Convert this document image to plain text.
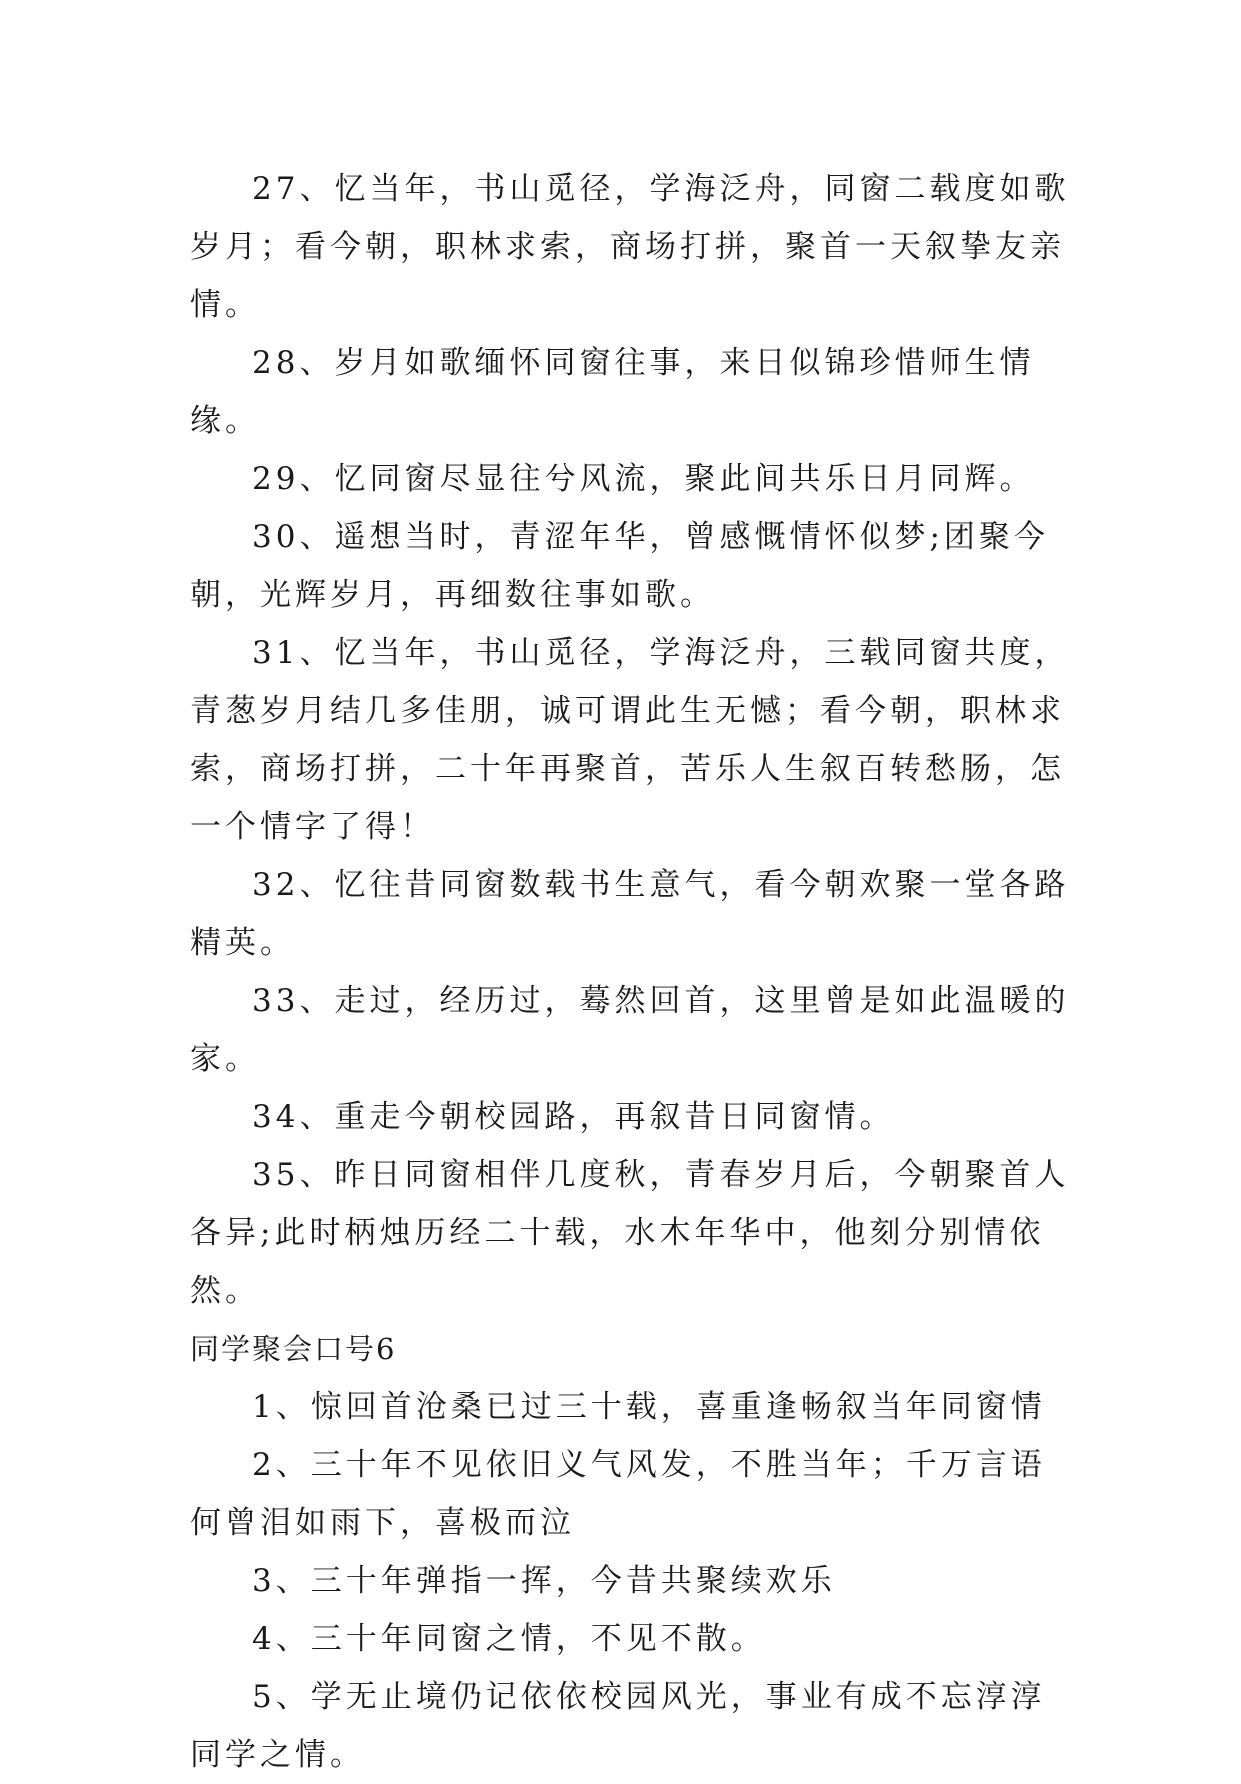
27、忆当年，书山觅径，学海泛舟，同窗二载度如歌岁月；看今朝，职林求索，商场打拼，聚首一天叙挚友亲情。

28、岁月如歌缅怀同窗往事，来日似锦珍惜师生情缘。

29、忆同窗尽显往兮风流，聚此间共乐日月同辉。

30、遥想当时，青涩年华，曾感慨情怀似梦;团聚今朝，光辉岁月，再细数往事如歌。

31、忆当年，书山觅径，学海泛舟，三载同窗共度，青葱岁月结几多佳朋，诚可谓此生无憾；看今朝，职林求索，商场打拼，二十年再聚首，苦乐人生叙百转愁肠，怎一个情字了得！

32、忆往昔同窗数载书生意气，看今朝欢聚一堂各路精英。

33、走过，经历过，蓦然回首，这里曾是如此温暖的家。

34、重走今朝校园路，再叙昔日同窗情。

35、昨日同窗相伴几度秋，青春岁月后，今朝聚首人各异;此时柄烛历经二十载，水木年华中，他刻分别情依然。

同学聚会口号6

1、惊回首沧桑已过三十载，喜重逢畅叙当年同窗情

2、三十年不见依旧义气风发，不胜当年；千万言语何曾泪如雨下，喜极而泣

3、三十年弹指一挥，今昔共聚续欢乐

4、三十年同窗之情，不见不散。

5、学无止境仍记依依校园风光，事业有成不忘淳淳同学之情。
